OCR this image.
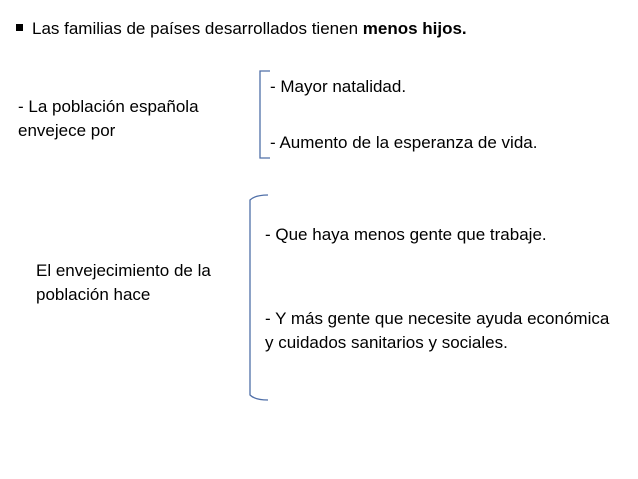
Las familias de países desarrollados tienen menos hijos.
- La población española envejece por
- Mayor natalidad.
- Aumento de la esperanza de vida.
El envejecimiento de la población hace
- Que haya menos gente que trabaje.
- Y más gente que necesite ayuda económica y cuidados sanitarios y sociales.
